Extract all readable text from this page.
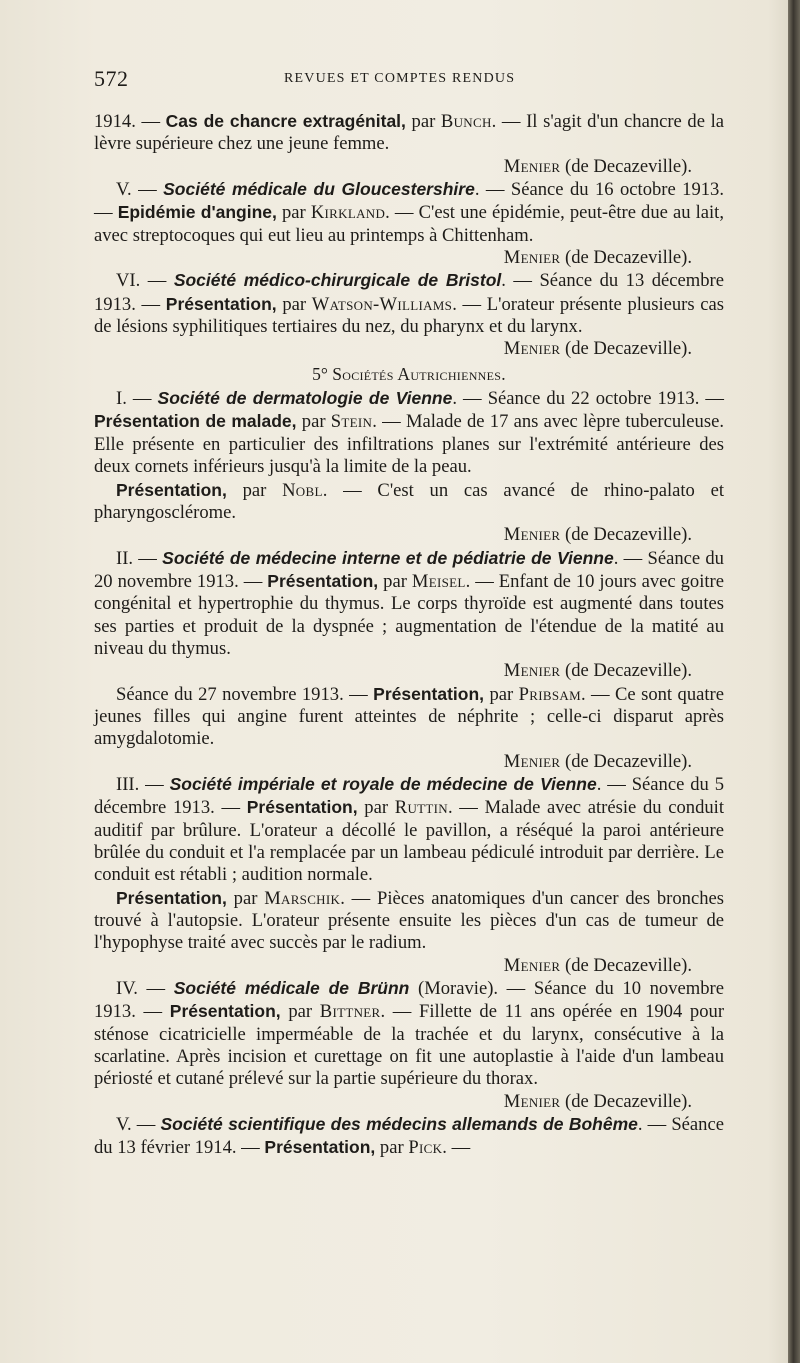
572	REVUES ET COMPTES RENDUS

1914. — Cas de chancre extragénital, par Bunch. — Il s'agit d'un chancre de la lèvre supérieure chez une jeune femme.

Menier (de Decazeville).

V. — Société médicale du Gloucestershire. — Séance du 16 octobre 1913. — Epidémie d'angine, par Kirkland. — C'est une épidémie, peut-être due au lait, avec streptocoques qui eut lieu au printemps à Chittenham.

Menier (de Decazeville).

VI. — Société médico-chirurgicale de Bristol. — Séance du 13 décembre 1913. — Présentation, par Watson-Williams. — L'orateur présente plusieurs cas de lésions syphilitiques tertiaires du nez, du pharynx et du larynx.

Menier (de Decazeville).

5° Sociétés Autrichiennes.

I. — Société de dermatologie de Vienne. — Séance du 22 octobre 1913. — Présentation de malade, par Stein. — Malade de 17 ans avec lèpre tuberculeuse. Elle présente en particulier des infiltrations planes sur l'extrémité antérieure des deux cornets inférieurs jusqu'à la limite de la peau.

Présentation, par Nobl. — C'est un cas avancé de rhino-palato et pharyngosclérome.

Menier (de Decazeville).

II. — Société de médecine interne et de pédiatrie de Vienne. — Séance du 20 novembre 1913. — Présentation, par Meisel. — Enfant de 10 jours avec goitre congénital et hypertrophie du thymus. Le corps thyroïde est augmenté dans toutes ses parties et produit de la dyspnée ; augmentation de l'étendue de la matité au niveau du thymus.

Menier (de Decazeville).

Séance du 27 novembre 1913. — Présentation, par Pribsam. — Ce sont quatre jeunes filles qui angine furent atteintes de néphrite ; celle-ci disparut après amygdalotomie.

Menier (de Decazeville).

III. — Société impériale et royale de médecine de Vienne. — Séance du 5 décembre 1913. — Présentation, par Ruttin. — Malade avec atrésie du conduit auditif par brûlure. L'orateur a décollé le pavillon, a réséqué la paroi antérieure brûlée du conduit et l'a remplacée par un lambeau pédiculé introduit par derrière. Le conduit est rétabli ; audition normale.

Présentation, par Marschik. — Pièces anatomiques d'un cancer des bronches trouvé à l'autopsie. L'orateur présente ensuite les pièces d'un cas de tumeur de l'hypophyse traité avec succès par le radium.

Menier (de Decazeville).

IV. — Société médicale de Brünn (Moravie). — Séance du 10 novembre 1913. — Présentation, par Bittner. — Fillette de 11 ans opérée en 1904 pour sténose cicatricielle imperméable de la trachée et du larynx, consécutive à la scarlatine. Après incision et curettage on fit une autoplastie à l'aide d'un lambeau périosté et cutané prélevé sur la partie supérieure du thorax.

Menier (de Decazeville).

V. — Société scientifique des médecins allemands de Bohême. — Séance du 13 février 1914. — Présentation, par Pick. —
